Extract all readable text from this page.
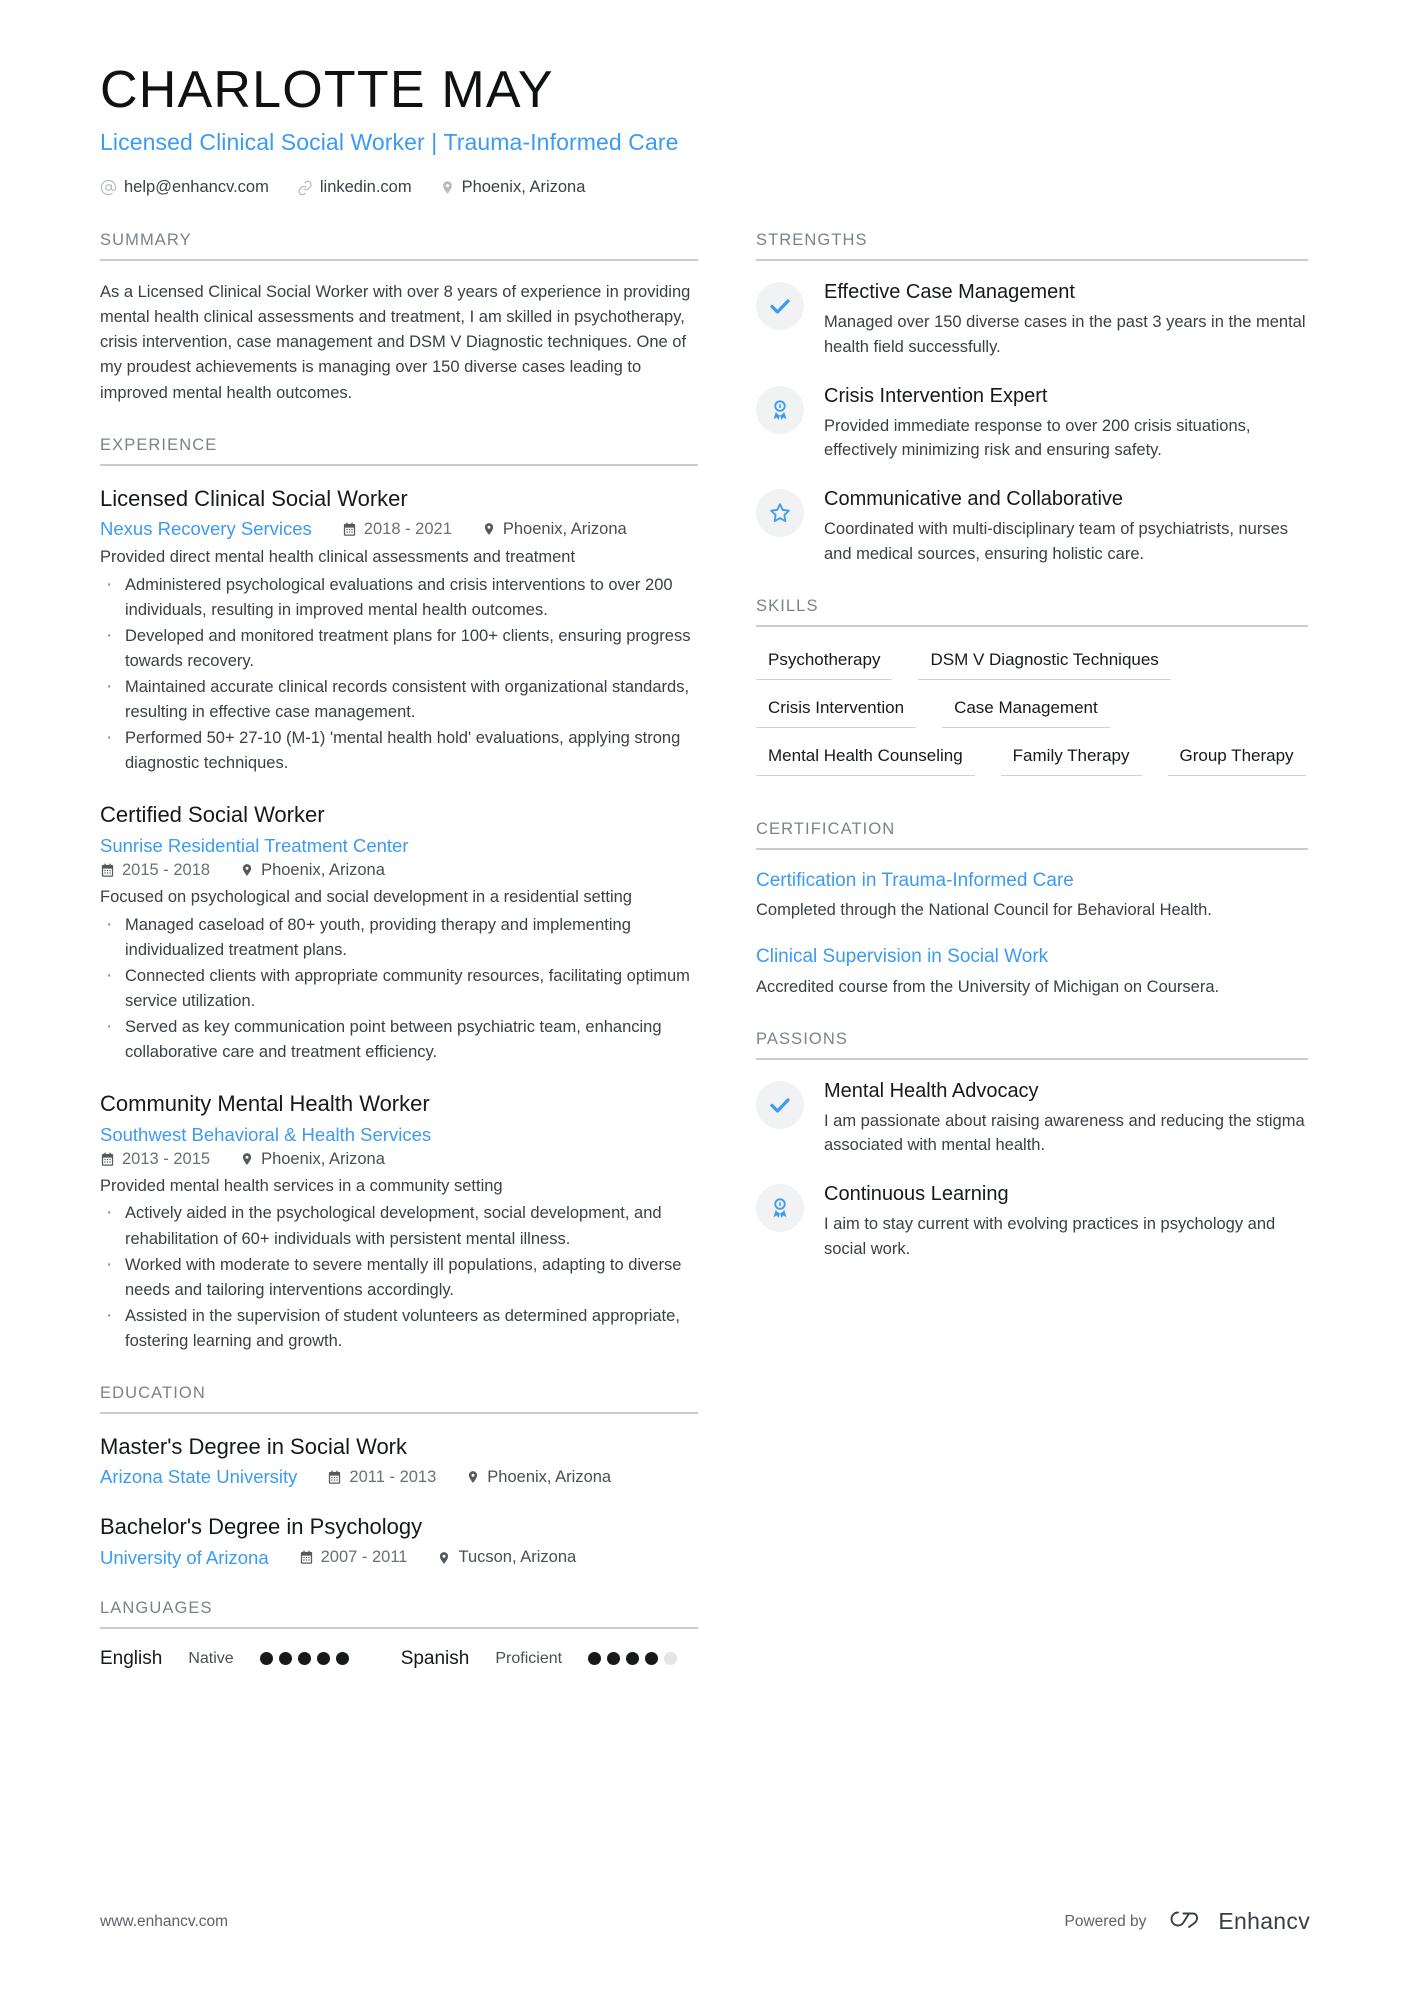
CHARLOTTE MAY
Licensed Clinical Social Worker | Trauma-Informed Care
help@enhancv.com	linkedin.com	Phoenix, Arizona
SUMMARY

As a Licensed Clinical Social Worker with over 8 years of experience in providing mental health clinical assessments and treatment, I am skilled in psychotherapy, crisis intervention, case management and DSM V Diagnostic techniques. One of my proudest achievements is managing over 150 diverse cases leading to improved mental health outcomes.

EXPERIENCE
Licensed Clinical Social Worker
Nexus Recovery Services	2018 - 2021	Phoenix, Arizona
Provided direct mental health clinical assessments and treatment
· Administered psychological evaluations and crisis interventions to over 200 individuals, resulting in improved mental health outcomes.
· Developed and monitored treatment plans for 100+ clients, ensuring progress towards recovery.
· Maintained accurate clinical records consistent with organizational standards, resulting in effective case management.
· Performed 50+ 27-10 (M-1) 'mental health hold' evaluations, applying strong diagnostic techniques.
Certified Social Worker
Sunrise Residential Treatment Center
2015 - 2018	Phoenix, Arizona
Focused on psychological and social development in a residential setting
· Managed caseload of 80+ youth, providing therapy and implementing individualized treatment plans.
· Connected clients with appropriate community resources, facilitating optimum service utilization.
· Served as key communication point between psychiatric team, enhancing collaborative care and treatment efficiency.
Community Mental Health Worker
Southwest Behavioral & Health Services
2013 - 2015	Phoenix, Arizona
Provided mental health services in a community setting
· Actively aided in the psychological development, social development, and rehabilitation of 60+ individuals with persistent mental illness.
· Worked with moderate to severe mentally ill populations, adapting to diverse needs and tailoring interventions accordingly.
· Assisted in the supervision of student volunteers as determined appropriate, fostering learning and growth.
EDUCATION
Master's Degree in Social Work
Arizona State University	2011 - 2013	Phoenix, Arizona
Bachelor's Degree in Psychology
University of Arizona	2007 - 2011	Tucson, Arizona
LANGUAGES
English Native	Spanish Proficient
STRENGTHS
Effective Case Management
Managed over 150 diverse cases in the past 3 years in the mental health field successfully.
Crisis Intervention Expert
Provided immediate response to over 200 crisis situations, effectively minimizing risk and ensuring safety.
Communicative and Collaborative
Coordinated with multi-disciplinary team of psychiatrists, nurses and medical sources, ensuring holistic care.
SKILLS
Psychotherapy	DSM V Diagnostic Techniques
Crisis Intervention	Case Management
Mental Health Counseling	Family Therapy	Group Therapy
CERTIFICATION
Certification in Trauma-Informed Care
Completed through the National Council for Behavioral Health.
Clinical Supervision in Social Work
Accredited course from the University of Michigan on Coursera.
PASSIONS
Mental Health Advocacy
I am passionate about raising awareness and reducing the stigma associated with mental health.
Continuous Learning
I aim to stay current with evolving practices in psychology and social work.
www.enhancv.com	Powered by	Enhancv
